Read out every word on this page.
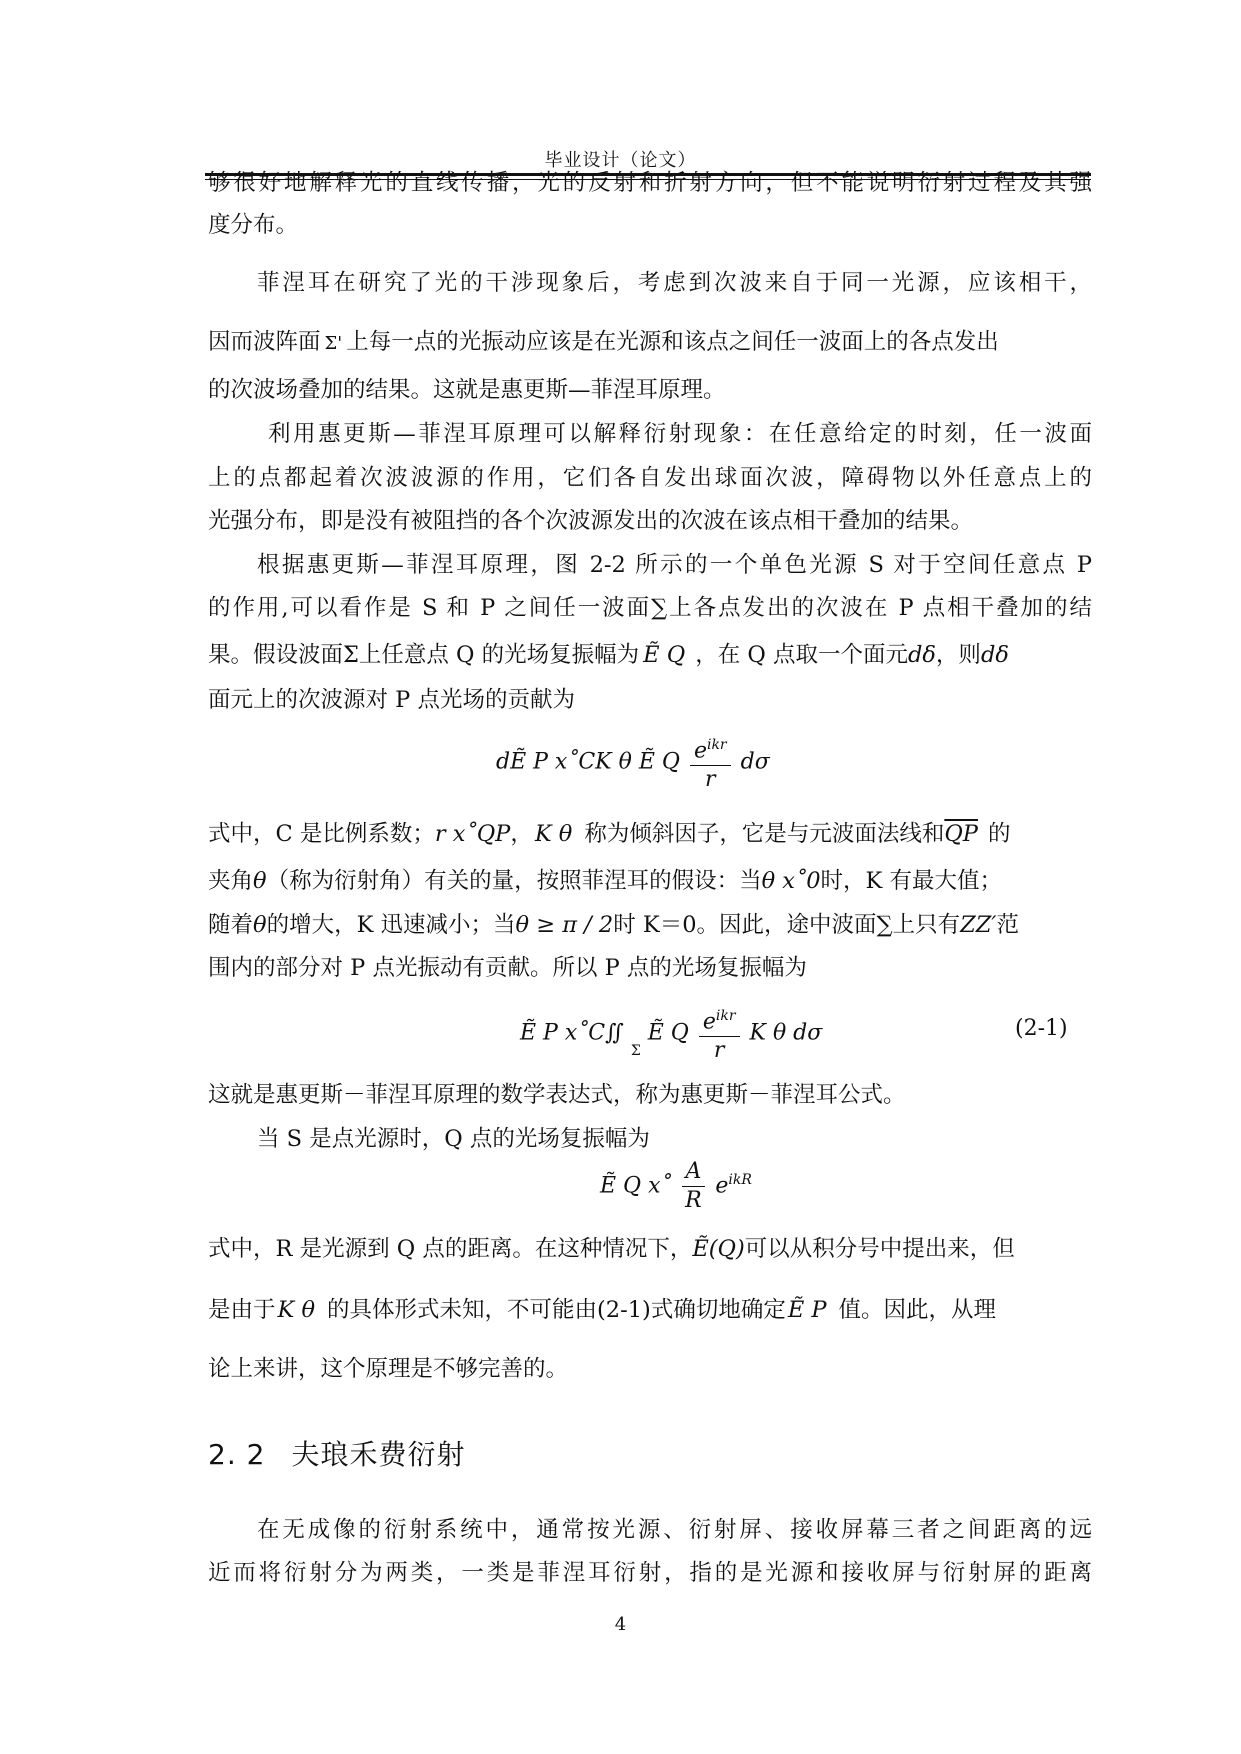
毕业设计（论文）
够很好地解释光的直线传播，光的反射和折射方向，但不能说明衍射过程及其强
度分布。
菲涅耳在研究了光的干涉现象后，考虑到次波来自于同一光源，应该相干，
因而波阵面 Σ' 上每一点的光振动应该是在光源和该点之间任一波面上的各点发出
的次波场叠加的结果。这就是惠更斯—菲涅耳原理。
利用惠更斯—菲涅耳原理可以解释衍射现象：在任意给定的时刻，任一波面
上的点都起着次波波源的作用，它们各自发出球面次波，障碍物以外任意点上的
光强分布，即是没有被阻挡的各个次波源发出的次波在该点相干叠加的结果。
根据惠更斯—菲涅耳原理，图 2-2 所示的一个单色光源 S 对于空间任意点 P
的作用,可以看作是 S 和 P 之间任一波面∑上各点发出的次波在 P 点相干叠加的结
果。假设波面Σ上任意点 Q 的光场复振幅为 Ẽ Q ，在 Q 点取一个面元dδ，则dδ
面元上的次波源对 P 点光场的贡献为
dẼ P ⅹ˚CK θ Ẽ Q $\frac{e^{ikr}}{r}$ dσ
式中，C 是比例系数；r ⅹ˚QP，K θ 称为倾斜因子，它是与元波面法线和$\overline{QP}$ 的
夹角θ（称为衍射角）有关的量，按照菲涅耳的假设：当θ ⅹ˚0时，K 有最大值；
随着θ的增大，K 迅速减小；当θ ≥ π / 2时 K＝0。因此，途中波面∑上只有ZZ′范
围内的部分对 P 点光振动有贡献。所以 P 点的光场复振幅为
Ẽ P ⅹ˚C∬
Σ
Ẽ Q $\frac{e^{ikr}}{r}$ K θ dσ	(2-1)
这就是惠更斯－菲涅耳原理的数学表达式，称为惠更斯－菲涅耳公式。
当 S 是点光源时，Q 点的光场复振幅为
Ẽ Q ⅹ˚ $\frac{A}{R} e^{ikR}$
式中，R 是光源到 Q 点的距离。在这种情况下，Ẽ(Q)可以从积分号中提出来，但
是由于K θ 的具体形式未知，不可能由(2-1)式确切地确定Ẽ P 值。因此，从理
论上来讲，这个原理是不够完善的。
2. 2 夫琅禾费衍射
在无成像的衍射系统中，通常按光源、衍射屏、接收屏幕三者之间距离的远
近而将衍射分为两类，一类是菲涅耳衍射，指的是光源和接收屏与衍射屏的距离
4
